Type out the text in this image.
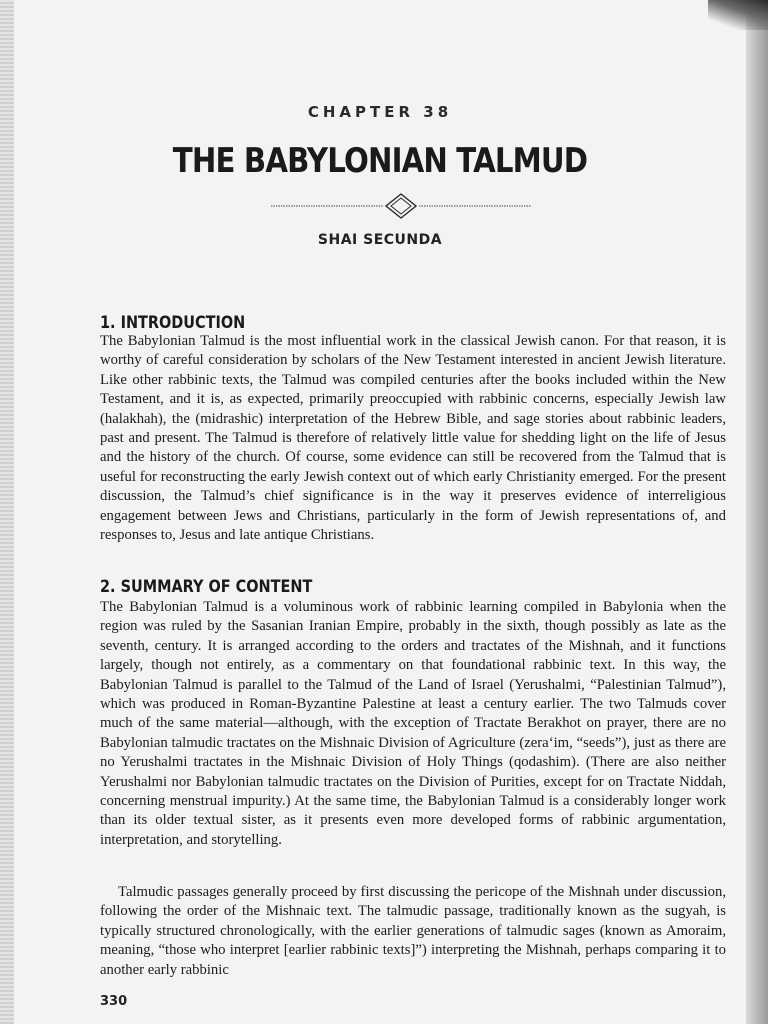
CHAPTER 38
THE BABYLONIAN TALMUD
SHAI SECUNDA
1. INTRODUCTION

The Babylonian Talmud is the most influential work in the classical Jewish canon. For that reason, it is worthy of careful consideration by scholars of the New Testament interested in ancient Jewish literature. Like other rabbinic texts, the Talmud was compiled centuries after the books included within the New Testament, and it is, as expected, primarily preoccupied with rabbinic concerns, especially Jewish law (halakhah), the (midrashic) interpretation of the Hebrew Bible, and sage stories about rabbinic leaders, past and present. The Talmud is therefore of relatively little value for shedding light on the life of Jesus and the history of the church. Of course, some evidence can still be recovered from the Talmud that is useful for reconstructing the early Jewish context out of which early Christianity emerged. For the present discussion, the Talmud’s chief significance is in the way it preserves evidence of interreligious engagement between Jews and Christians, particularly in the form of Jewish representations of, and responses to, Jesus and late antique Christians.

2. SUMMARY OF CONTENT

The Babylonian Talmud is a voluminous work of rabbinic learning compiled in Babylonia when the region was ruled by the Sasanian Iranian Empire, probably in the sixth, though possibly as late as the seventh, century. It is arranged according to the orders and tractates of the Mishnah, and it functions largely, though not entirely, as a commentary on that foundational rabbinic text. In this way, the Babylonian Talmud is parallel to the Talmud of the Land of Israel (Yerushalmi, “Palestinian Talmud”), which was produced in Roman-Byzantine Palestine at least a century earlier. The two Talmuds cover much of the same material—although, with the exception of Tractate Berakhot on prayer, there are no Babylonian talmudic tractates on the Mishnaic Division of Agriculture (zera‘im, “seeds”), just as there are no Yerushalmi tractates in the Mishnaic Division of Holy Things (qodashim). (There are also neither Yerushalmi nor Babylonian talmudic tractates on the Division of Purities, except for on Tractate Niddah, concerning menstrual impurity.) At the same time, the Babylonian Talmud is a considerably longer work than its older textual sister, as it presents even more developed forms of rabbinic argumentation, interpretation, and storytelling.

Talmudic passages generally proceed by first discussing the pericope of the Mishnah under discussion, following the order of the Mishnaic text. The talmudic passage, traditionally known as the sugyah, is typically structured chronologically, with the earlier generations of talmudic sages (known as Amoraim, meaning, “those who interpret [earlier rabbinic texts]”) interpreting the Mishnah, perhaps comparing it to another early rabbinic

330
